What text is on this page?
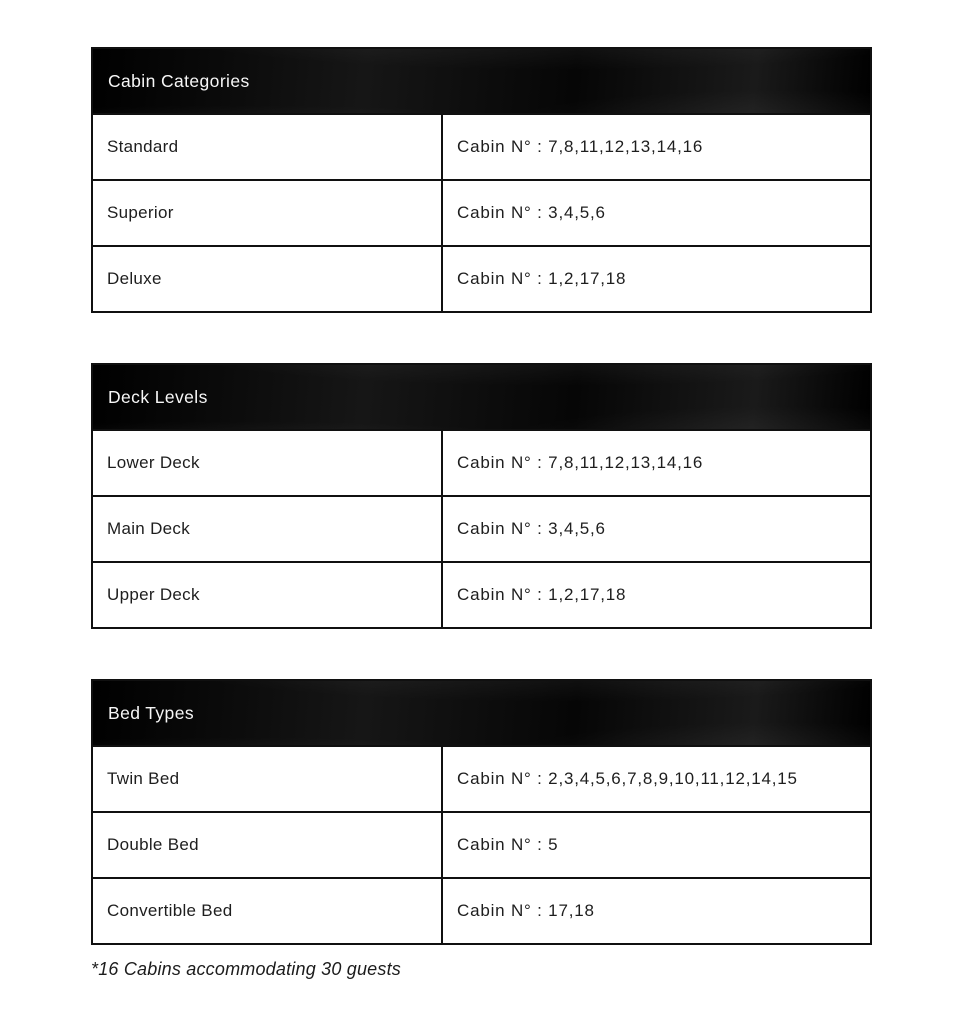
Cabin Categories
Standard	Cabin N° : 7,8,11,12,13,14,16
Superior	Cabin N° : 3,4,5,6
Deluxe	Cabin N° : 1,2,17,18
Deck Levels
Lower Deck	Cabin N° : 7,8,11,12,13,14,16
Main Deck	Cabin N° : 3,4,5,6
Upper Deck	Cabin N° : 1,2,17,18
Bed Types
Twin Bed	Cabin N° : 2,3,4,5,6,7,8,9,10,11,12,14,15
Double Bed	Cabin N° : 5
Convertible Bed	Cabin N° : 17,18

*16 Cabins accommodating 30 guests
